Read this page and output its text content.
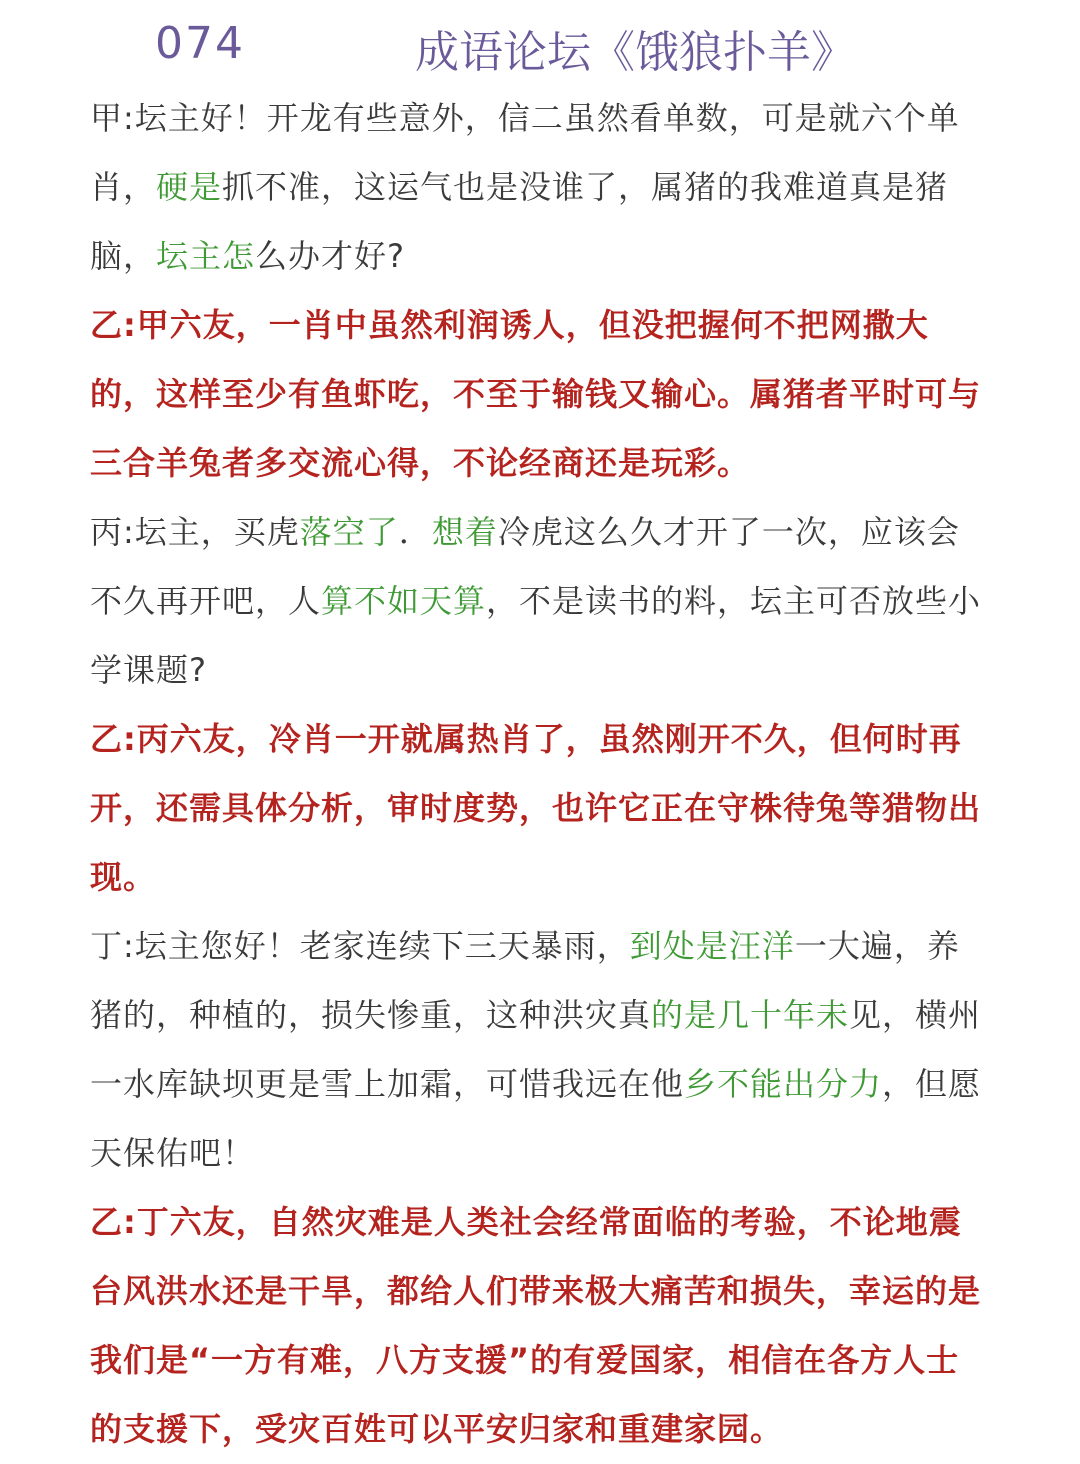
074	成语论坛《饿狼扑羊》

甲:坛主好！开龙有些意外，信二虽然看单数，可是就六个单肖，硬是抓不准，这运气也是没谁了，属猪的我难道真是猪脑，坛主怎么办才好?

乙:甲六友，一肖中虽然利润诱人，但没把握何不把网撒大的，这样至少有鱼虾吃，不至于输钱又输心。属猪者平时可与三合羊兔者多交流心得，不论经商还是玩彩。

丙:坛主，买虎落空了．想着冷虎这么久才开了一次，应该会不久再开吧，人算不如天算，不是读书的料，坛主可否放些小学课题?

乙:丙六友，冷肖一开就属热肖了，虽然刚开不久，但何时再开，还需具体分析，审时度势，也许它正在守株待兔等猎物出现。

丁:坛主您好！老家连续下三天暴雨，到处是汪洋一大遍，养猪的，种植的，损失惨重，这种洪灾真的是几十年未见，横州一水库缺坝更是雪上加霜，可惜我远在他乡不能出分力，但愿天保佑吧！

乙:丁六友，自然灾难是人类社会经常面临的考验，不论地震台风洪水还是干旱，都给人们带来极大痛苦和损失，幸运的是我们是“一方有难，八方支援”的有爱国家，相信在各方人士的支援下，受灾百姓可以平安归家和重建家园。
